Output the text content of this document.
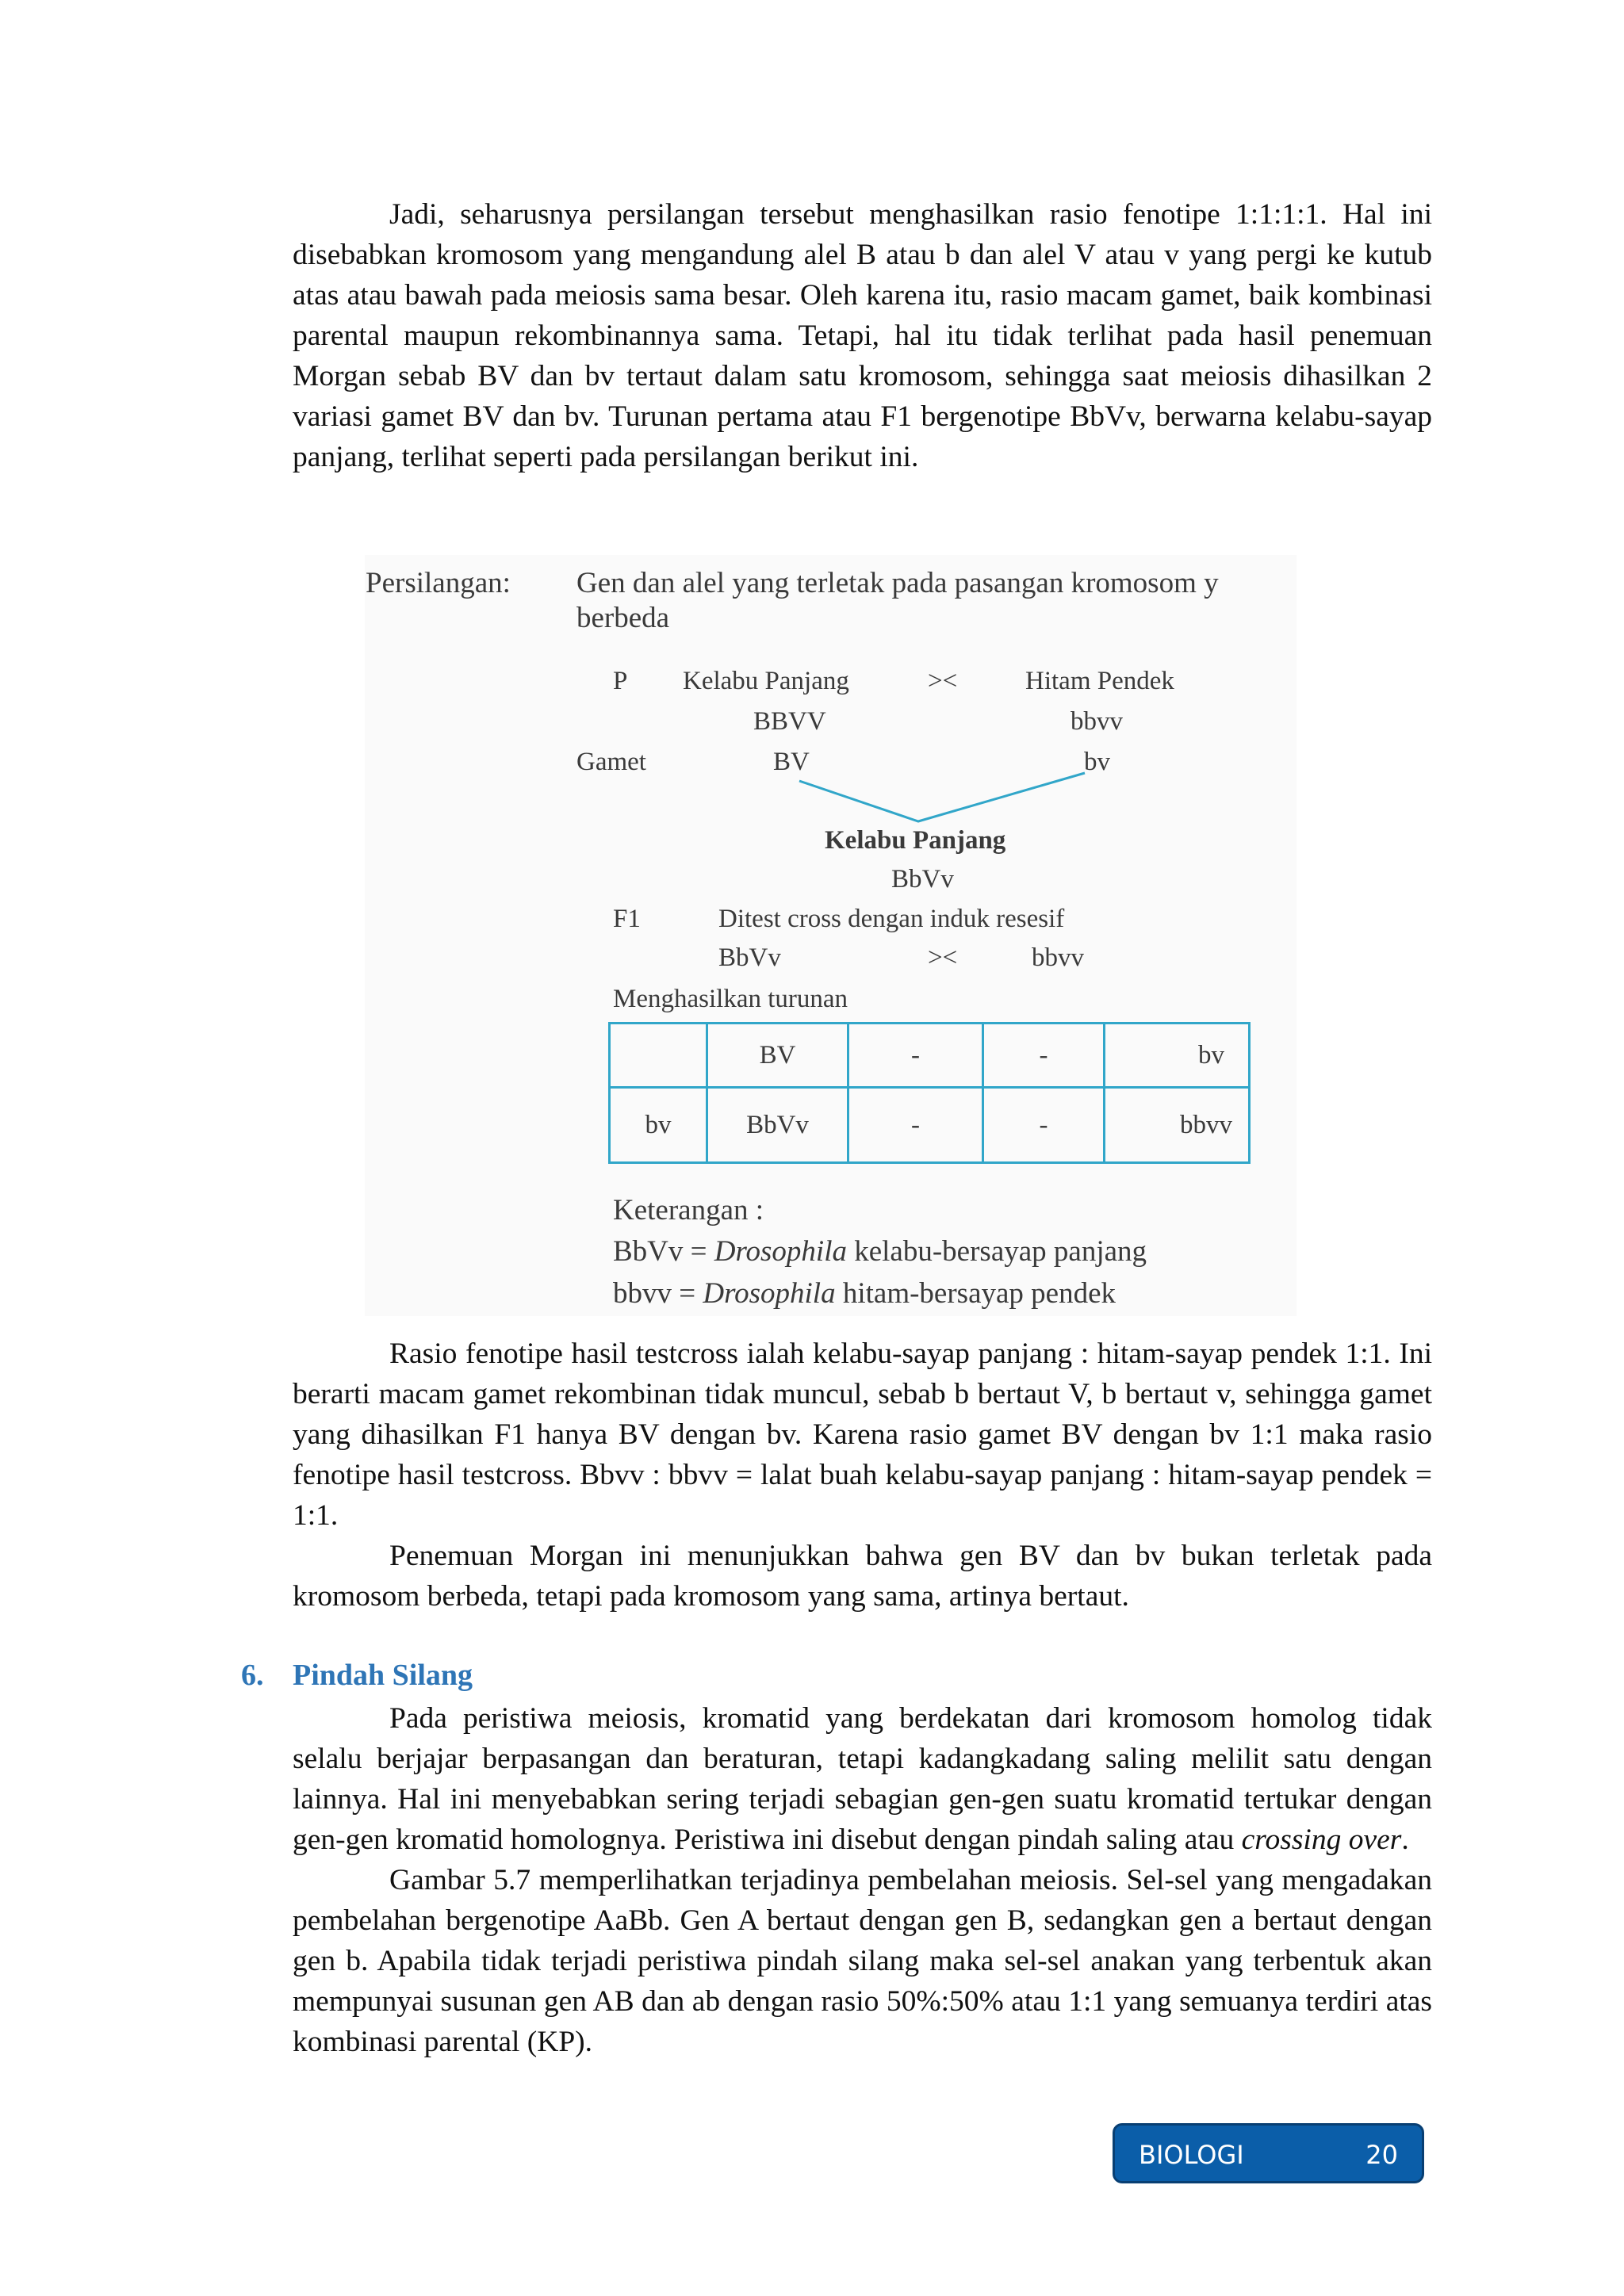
Jadi, seharusnya persilangan tersebut menghasilkan rasio fenotipe 1:1:1:1. Hal ini disebabkan kromosom yang mengandung alel B atau b dan alel V atau v yang pergi ke kutub atas atau bawah pada meiosis sama besar. Oleh karena itu, rasio macam gamet, baik kombinasi parental maupun rekombinannya sama. Tetapi, hal itu tidak terlihat pada hasil penemuan Morgan sebab BV dan bv tertaut dalam satu kromosom, sehingga saat meiosis dihasilkan 2 variasi gamet BV dan bv. Turunan pertama atau F1 bergenotipe BbVv, berwarna kelabu-sayap panjang, terlihat seperti pada persilangan berikut ini.

Persilangan: Gen dan alel yang terletak pada pasangan kromosom y
berbeda
P Kelabu Panjang	><	Hitam Pendek
BBVV	bbvv
Gamet	BV	bv
Kelabu Panjang
BbVv
F1	Ditest cross dengan induk resesif
BbVv	><	bbvv
Menghasilkan turunan
	BV	-	-	bv
bv	BbVv	-	-	bbvv
Keterangan :
BbVv = Drosophila kelabu-bersayap panjang
bbvv = Drosophila hitam-bersayap pendek

Rasio fenotipe hasil testcross ialah kelabu-sayap panjang : hitam-sayap pendek 1:1. Ini berarti macam gamet rekombinan tidak muncul, sebab b bertaut V, b bertaut v, sehingga gamet yang dihasilkan F1 hanya BV dengan bv. Karena rasio gamet BV dengan bv 1:1 maka rasio fenotipe hasil testcross. Bbvv : bbvv = lalat buah kelabu-sayap panjang : hitam-sayap pendek = 1:1.

Penemuan Morgan ini menunjukkan bahwa gen BV dan bv bukan terletak pada kromosom berbeda, tetapi pada kromosom yang sama, artinya bertaut.

6. Pindah Silang

Pada peristiwa meiosis, kromatid yang berdekatan dari kromosom homolog tidak selalu berjajar berpasangan dan beraturan, tetapi kadangkadang saling melilit satu dengan lainnya. Hal ini menyebabkan sering terjadi sebagian gen-gen suatu kromatid tertukar dengan gen-gen kromatid homolognya. Peristiwa ini disebut dengan pindah saling atau crossing over.

Gambar 5.7 memperlihatkan terjadinya pembelahan meiosis. Sel-sel yang mengadakan pembelahan bergenotipe AaBb. Gen A bertaut dengan gen B, sedangkan gen a bertaut dengan gen b. Apabila tidak terjadi peristiwa pindah silang maka sel-sel anakan yang terbentuk akan mempunyai susunan gen AB dan ab dengan rasio 50%:50% atau 1:1 yang semuanya terdiri atas kombinasi parental (KP).

BIOLOGI	20
